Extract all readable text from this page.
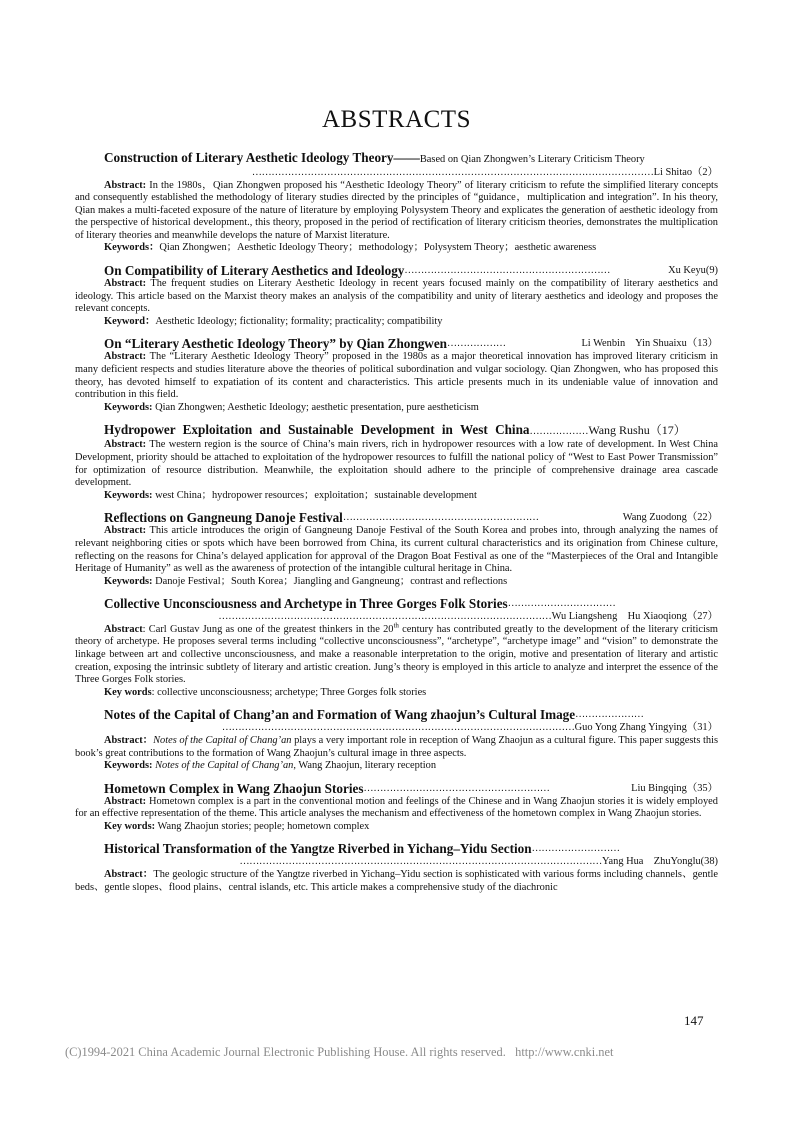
ABSTRACTS
Construction of Literary Aesthetic Ideology Theory——Based on Qian Zhongwen’s Literary Criticism Theory
……………………………………………………………………………………………………………Li Shitao（2）

Abstract: In the 1980s，Qian Zhongwen proposed his “Aesthetic Ideology Theory” of literary criticism to refute the simplified literary concepts and consequently established the methodology of literary studies directed by the principles of “guidance，multiplication and integration”. In his theory, Qian makes a multi-faceted exposure of the nature of literature by employing Polysystem Theory and explicates the generation of aesthetic ideology from the perspective of historical development., this theory, proposed in the period of rectification of literary criticism theories, demonstrates the multiplication of literary theories and meanwhile develops the nature of Marxist literature.

Keywords：Qian Zhongwen；Aesthetic Ideology Theory；methodology；Polysystem Theory；aesthetic awareness

On Compatibility of Literary Aesthetics and Ideology ………………………………………………………	Xu Keyu(9)

Abstract: The frequent studies on Literary Aesthetic Ideology in recent years focused mainly on the compatibility of literary aesthetics and ideology. This article based on the Marxist theory makes an analysis of the compatibility and unity of literary aesthetics and ideology and proposes the relevant concepts.

Keyword：Aesthetic Ideology; fictionality; formality; practicality; compatibility

On “Literary Aesthetic Ideology Theory” by Qian Zhongwen ………………	Li Wenbin    Yin Shuaixu（13）

Abstract: The “Literary Aesthetic Ideology Theory” proposed in the 1980s as a major theoretical innovation has improved literary criticism in many deficient respects and studies literature above the theories of political subordination and vulgar sociology. Qian Zhongwen, who has proposed this theory, has devoted himself to expatiation of its content and characteristics. This article presents much in its undeniable value of innovation and contribution in this field.

Keywords: Qian Zhongwen; Aesthetic Ideology; aesthetic presentation, pure aestheticism

Hydropower Exploitation and Sustainable Development in West China………………Wang Rushu（17）

Abstract: The western region is the source of China’s main rivers, rich in hydropower resources with a low rate of development. In West China Development, priority should be attached to exploitation of the hydropower resources to fulfill the national policy of “West to East Power Transmission” for optimization of resource distribution. Meanwhile, the exploitation should adhere to the principle of comprehensive drainage area cascade development.

Keywords: west China；hydropower resources；exploitation；sustainable development

Reflections on Gangneung Danoje Festival ……………………………………………………	Wang Zuodong（22）

Abstract: This article introduces the origin of Gangneung Danoje Festival of the South Korea and probes into, through analyzing the names of relevant neighboring cities or spots which have been borrowed from China, its current cultural characteristics and its origination from Chinese culture, reflecting on the reasons for China’s delayed application for approval of the Dragon Boat Festival as one of the “Masterpieces of the Oral and Intangible Heritage of Humanity” as well as the awareness of protection of the intangible cultural heritage in China.

Keywords: Danoje Festival；South Korea；Jiangling and Gangneung；contrast and reflections

Collective Unconsciousness and Archetype in Three Gorges Folk Stories ……………………………
…………………………………………………………………………………………Wu Liangsheng    Hu Xiaoqiong（27）

Abstract: Carl Gustav Jung as one of the greatest thinkers in the 20th century has contributed greatly to the development of the literary criticism theory of archetype. He proposes several terms including “collective unconsciousness”, “archetype”, “archetype image” and “vision” to demonstrate the linkage between art and collective unconsciousness, and make a reasonable interpretation to the origin, motive and presentation of literary and artistic creation, exposing the intrinsic subtlety of literary and artistic creation. Jung’s theory is employed in this article to analyze and interpret the essence of the Three Gorges Folk stories.

Key words: collective unconsciousness; archetype; Three Gorges folk stories

Notes of the Capital of Chang’an and Formation of Wang zhaojun’s Cultural Image …………………
………………………………………………………………………………………………Guo Yong Zhang Yingying（31）

Abstract：Notes of the Capital of Chang’an plays a very important role in reception of Wang Zhaojun as a cultural figure. This paper suggests this book’s great contributions to the formation of Wang Zhaojun’s cultural image in three aspects.

Keywords: Notes of the Capital of Chang’an, Wang Zhaojun, literary reception

Hometown Complex in Wang Zhaojun Stories …………………………………………………	Liu Bingqing（35）

Abstract: Hometown complex is a part in the conventional motion and feelings of the Chinese and in Wang Zhaojun stories it is widely employed for an effective representation of the theme. This article analyses the mechanism and effectiveness of the hometown complex in Wang Zhaojun stories.

Key words: Wang Zhaojun stories; people; hometown complex

Historical Transformation of the Yangtze Riverbed in Yichang–Yidu Section ………………………
…………………………………………………………………………………………………Yang Hua    ZhuYonglu(38)

Abstract：The geologic structure of the Yangtze riverbed in Yichang–Yidu section is sophisticated with various forms including channels、gentle beds、gentle slopes、flood plains、central islands, etc. This article makes a comprehensive study of the diachronic

147
(C)1994-2021 China Academic Journal Electronic Publishing House. All rights reserved. http://www.cnki.net
